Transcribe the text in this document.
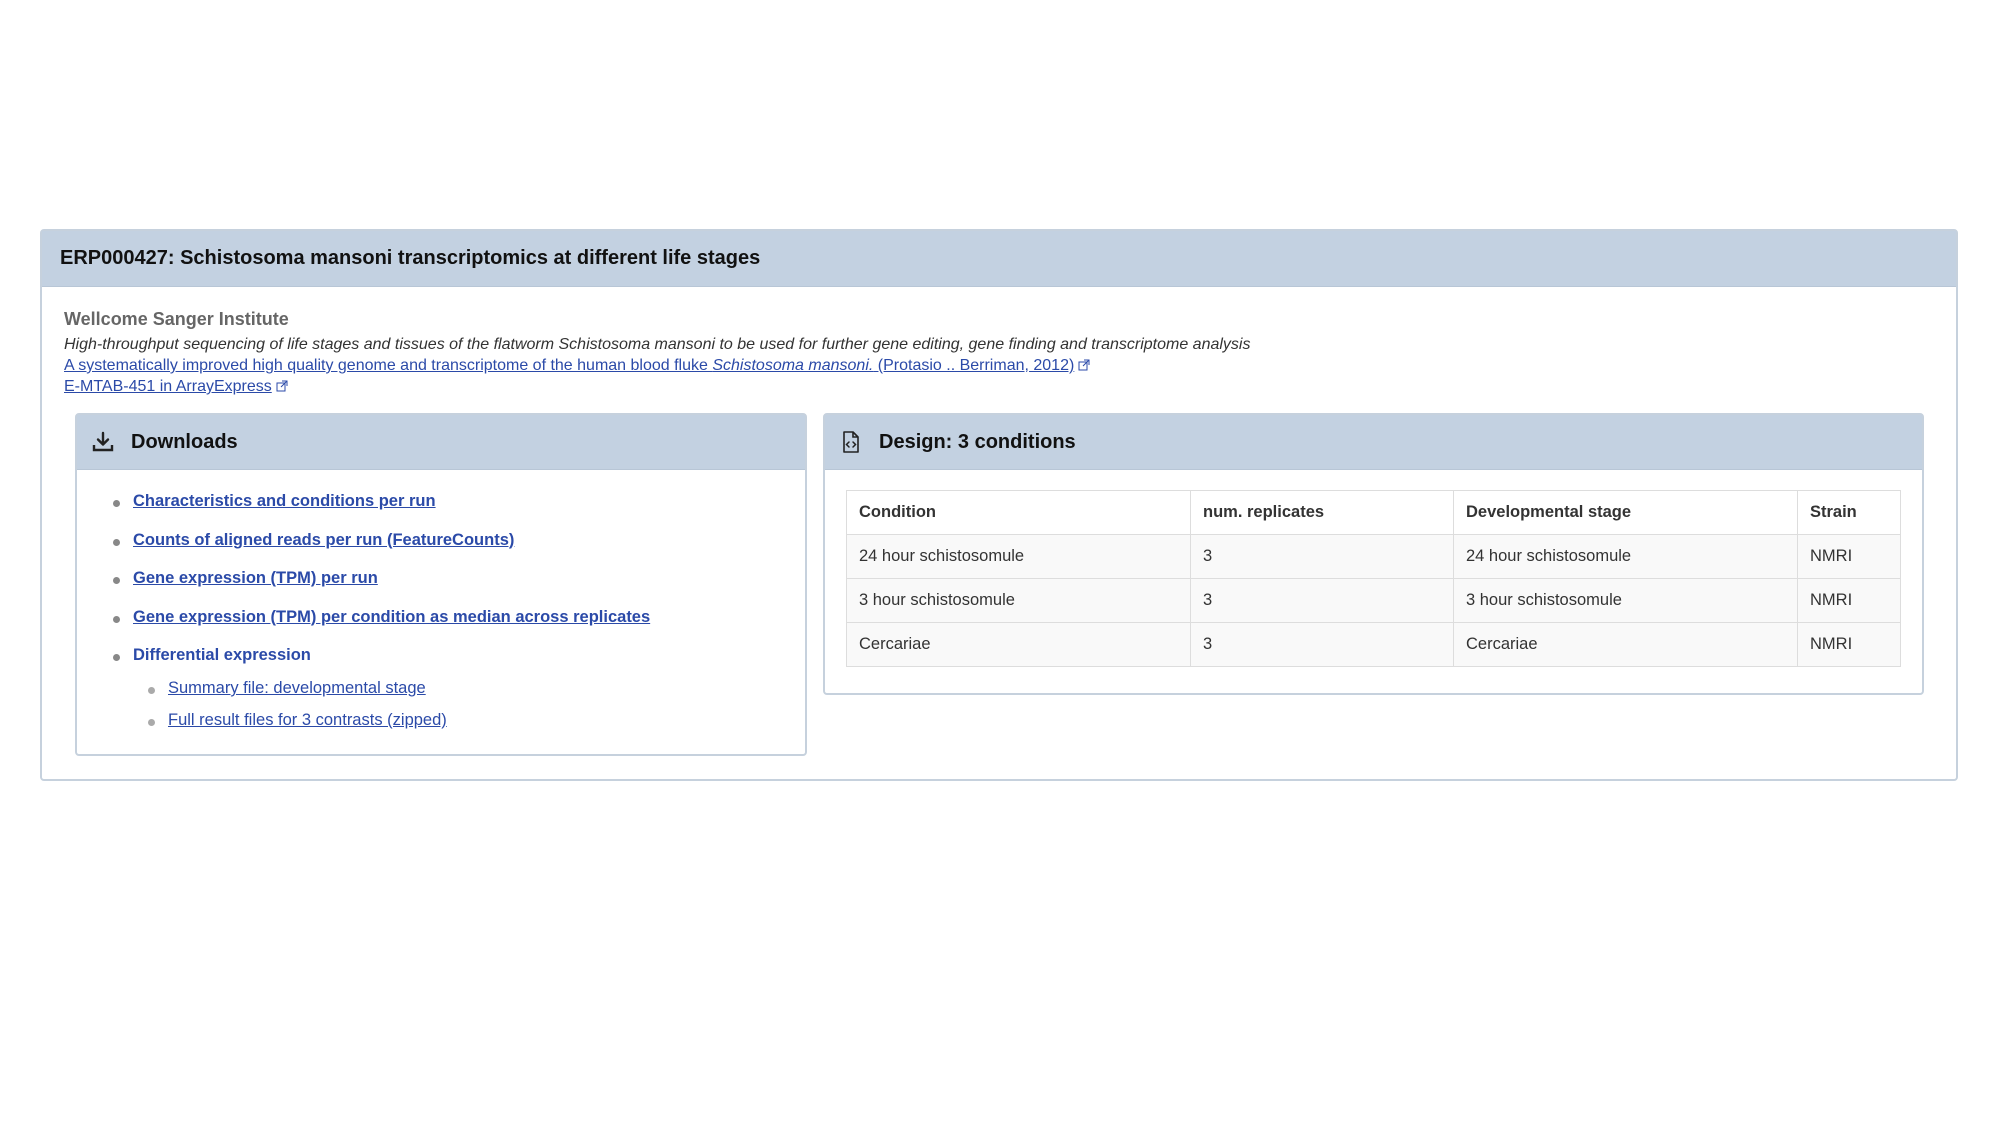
ERP000427: Schistosoma mansoni transcriptomics at different life stages
Wellcome Sanger Institute
High-throughput sequencing of life stages and tissues of the flatworm Schistosoma mansoni to be used for further gene editing, gene finding and transcriptome analysis
A systematically improved high quality genome and transcriptome of the human blood fluke Schistosoma mansoni. (Protasio .. Berriman, 2012)
E-MTAB-451 in ArrayExpress
Downloads
Characteristics and conditions per run
Counts of aligned reads per run (FeatureCounts)
Gene expression (TPM) per run
Gene expression (TPM) per condition as median across replicates
Differential expression
Summary file: developmental stage
Full result files for 3 contrasts (zipped)
Design: 3 conditions
Condition	num. replicates	Developmental stage	Strain
24 hour schistosomule	3	24 hour schistosomule	NMRI
3 hour schistosomule	3	3 hour schistosomule	NMRI
Cercariae	3	Cercariae	NMRI
